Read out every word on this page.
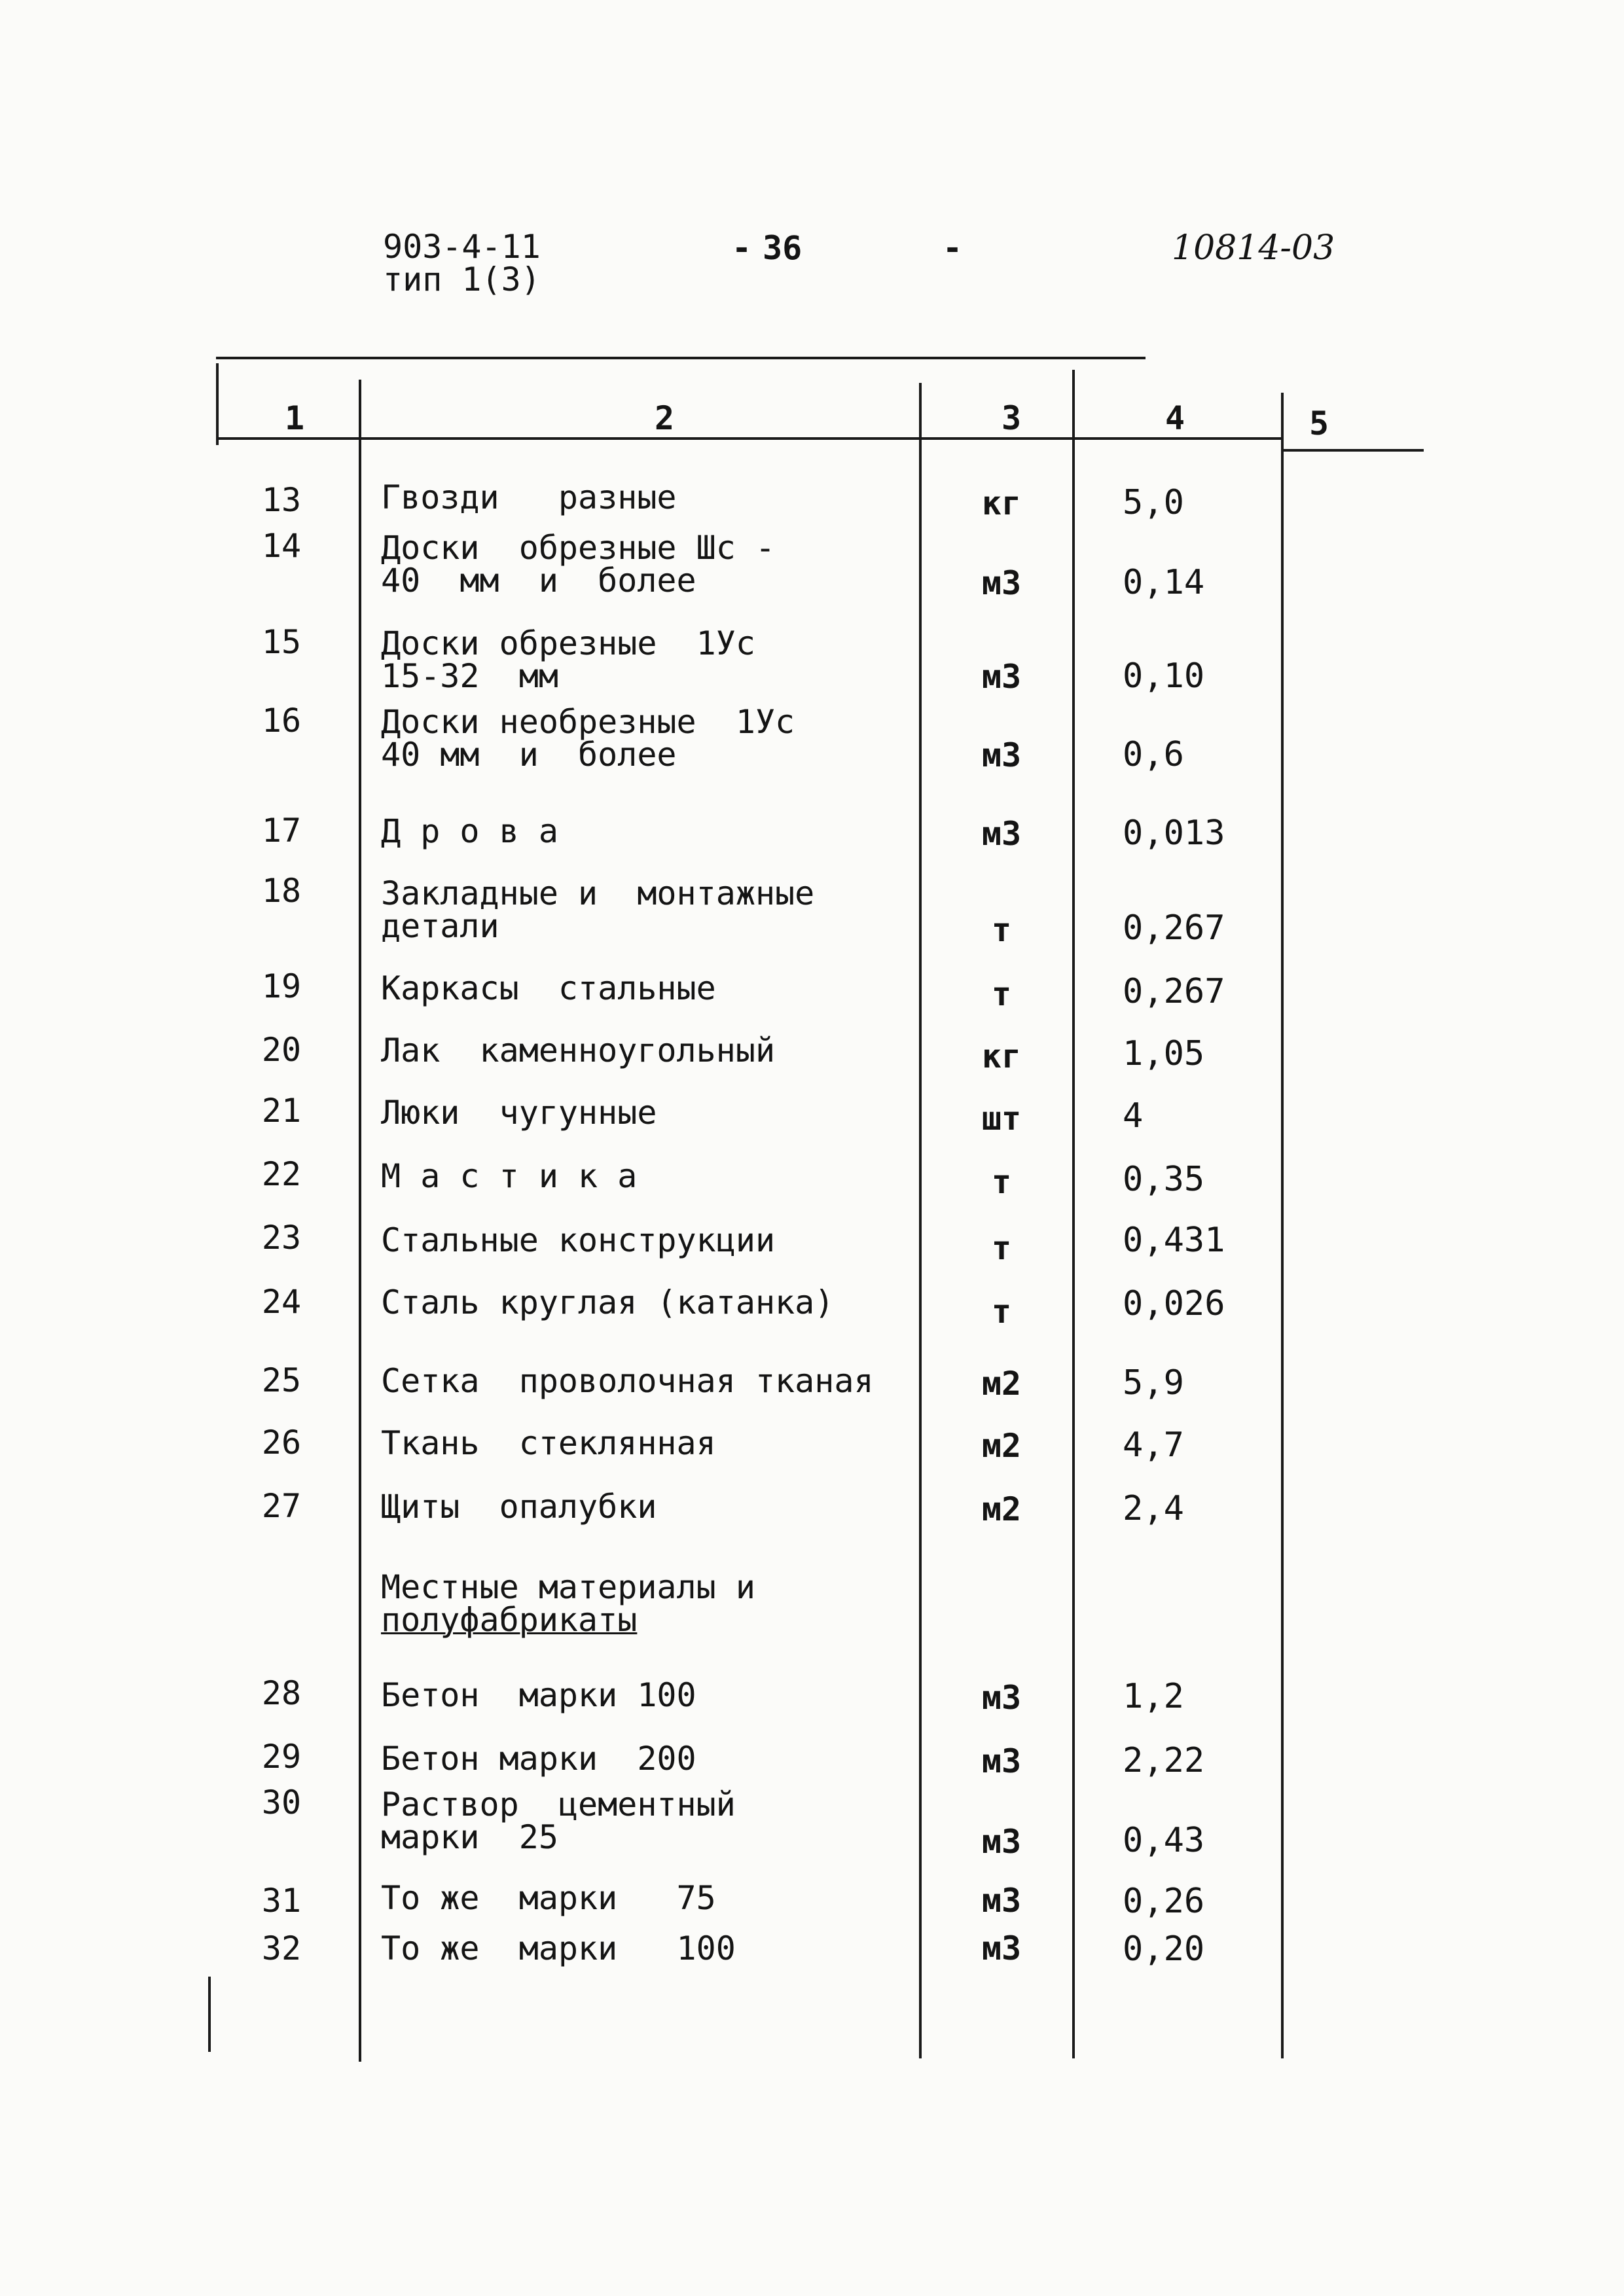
903-4-11
тип 1(3)
- 36	-	10814-03
1	2	3	4	5
13	Гвозди   разные	кг	5,0
14	Доски  обрезные Шс -
40  мм  и  более	м3	0,14
15	Доски обрезные  1Ус
15-32  мм	м3	0,10
16	Доски необрезные  1Ус
40 мм  и  более	м3	0,6
17	Д р о в а	м3	0,013
18	Закладные и  монтажные
детали	т	0,267
19	Каркасы  стальные	т	0,267
20	Лак  каменноугольный	кг	1,05
21	Люки  чугунные	шт	4
22	М а с т и к а	т	0,35
23	Стальные конструкции	т	0,431
24	Сталь круглая (катанка)	т	0,026
25	Сетка  проволочная тканая	м2	5,9
26	Ткань  стеклянная	м2	4,7
27	Щиты  опалубки	м2	2,4
Местные материалы и
полуфабрикаты
28	Бетон  марки 100	м3	1,2
29	Бетон марки  200	м3	2,22
30	Раствор  цементный
марки  25	м3	0,43
31	То же  марки   75	м3	0,26
32	То же  марки   100	м3	0,20
